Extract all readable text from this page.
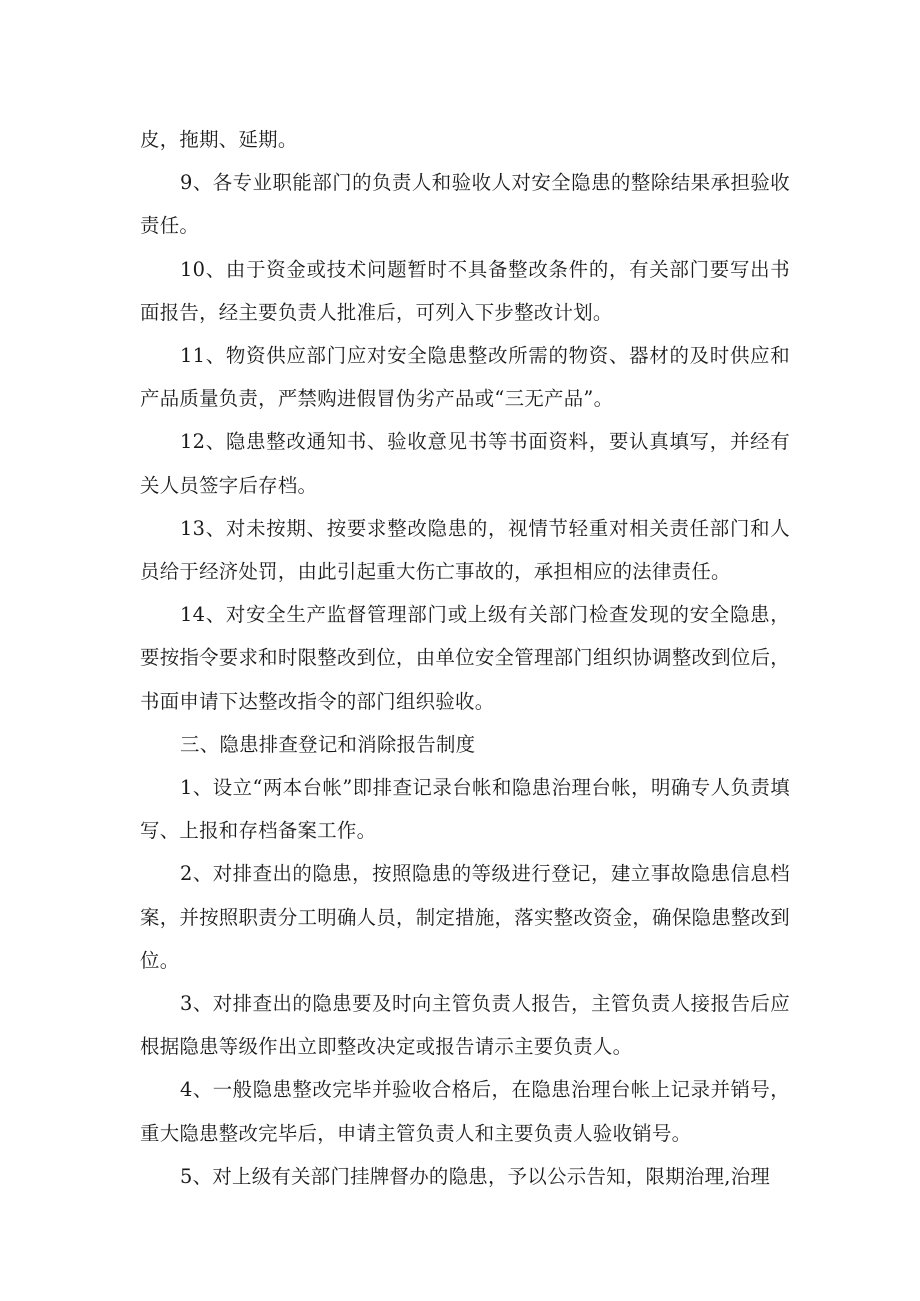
皮，拖期、延期。

9、各专业职能部门的负责人和验收人对安全隐患的整除结果承担验收责任。

10、由于资金或技术问题暂时不具备整改条件的，有关部门要写出书面报告，经主要负责人批准后，可列入下步整改计划。

11、物资供应部门应对安全隐患整改所需的物资、器材的及时供应和产品质量负责，严禁购进假冒伪劣产品或“三无产品”。

12、隐患整改通知书、验收意见书等书面资料，要认真填写，并经有关人员签字后存档。

13、对未按期、按要求整改隐患的，视情节轻重对相关责任部门和人员给于经济处罚，由此引起重大伤亡事故的，承担相应的法律责任。

14、对安全生产监督管理部门或上级有关部门检查发现的安全隐患，要按指令要求和时限整改到位，由单位安全管理部门组织协调整改到位后，书面申请下达整改指令的部门组织验收。

三、隐患排查登记和消除报告制度

1、设立“两本台帐”即排查记录台帐和隐患治理台帐，明确专人负责填写、上报和存档备案工作。

2、对排查出的隐患，按照隐患的等级进行登记，建立事故隐患信息档案，并按照职责分工明确人员，制定措施，落实整改资金，确保隐患整改到位。

3、对排查出的隐患要及时向主管负责人报告，主管负责人接报告后应根据隐患等级作出立即整改决定或报告请示主要负责人。

4、一般隐患整改完毕并验收合格后，在隐患治理台帐上记录并销号，重大隐患整改完毕后，申请主管负责人和主要负责人验收销号。

5、对上级有关部门挂牌督办的隐患，予以公示告知，限期治理,治理
